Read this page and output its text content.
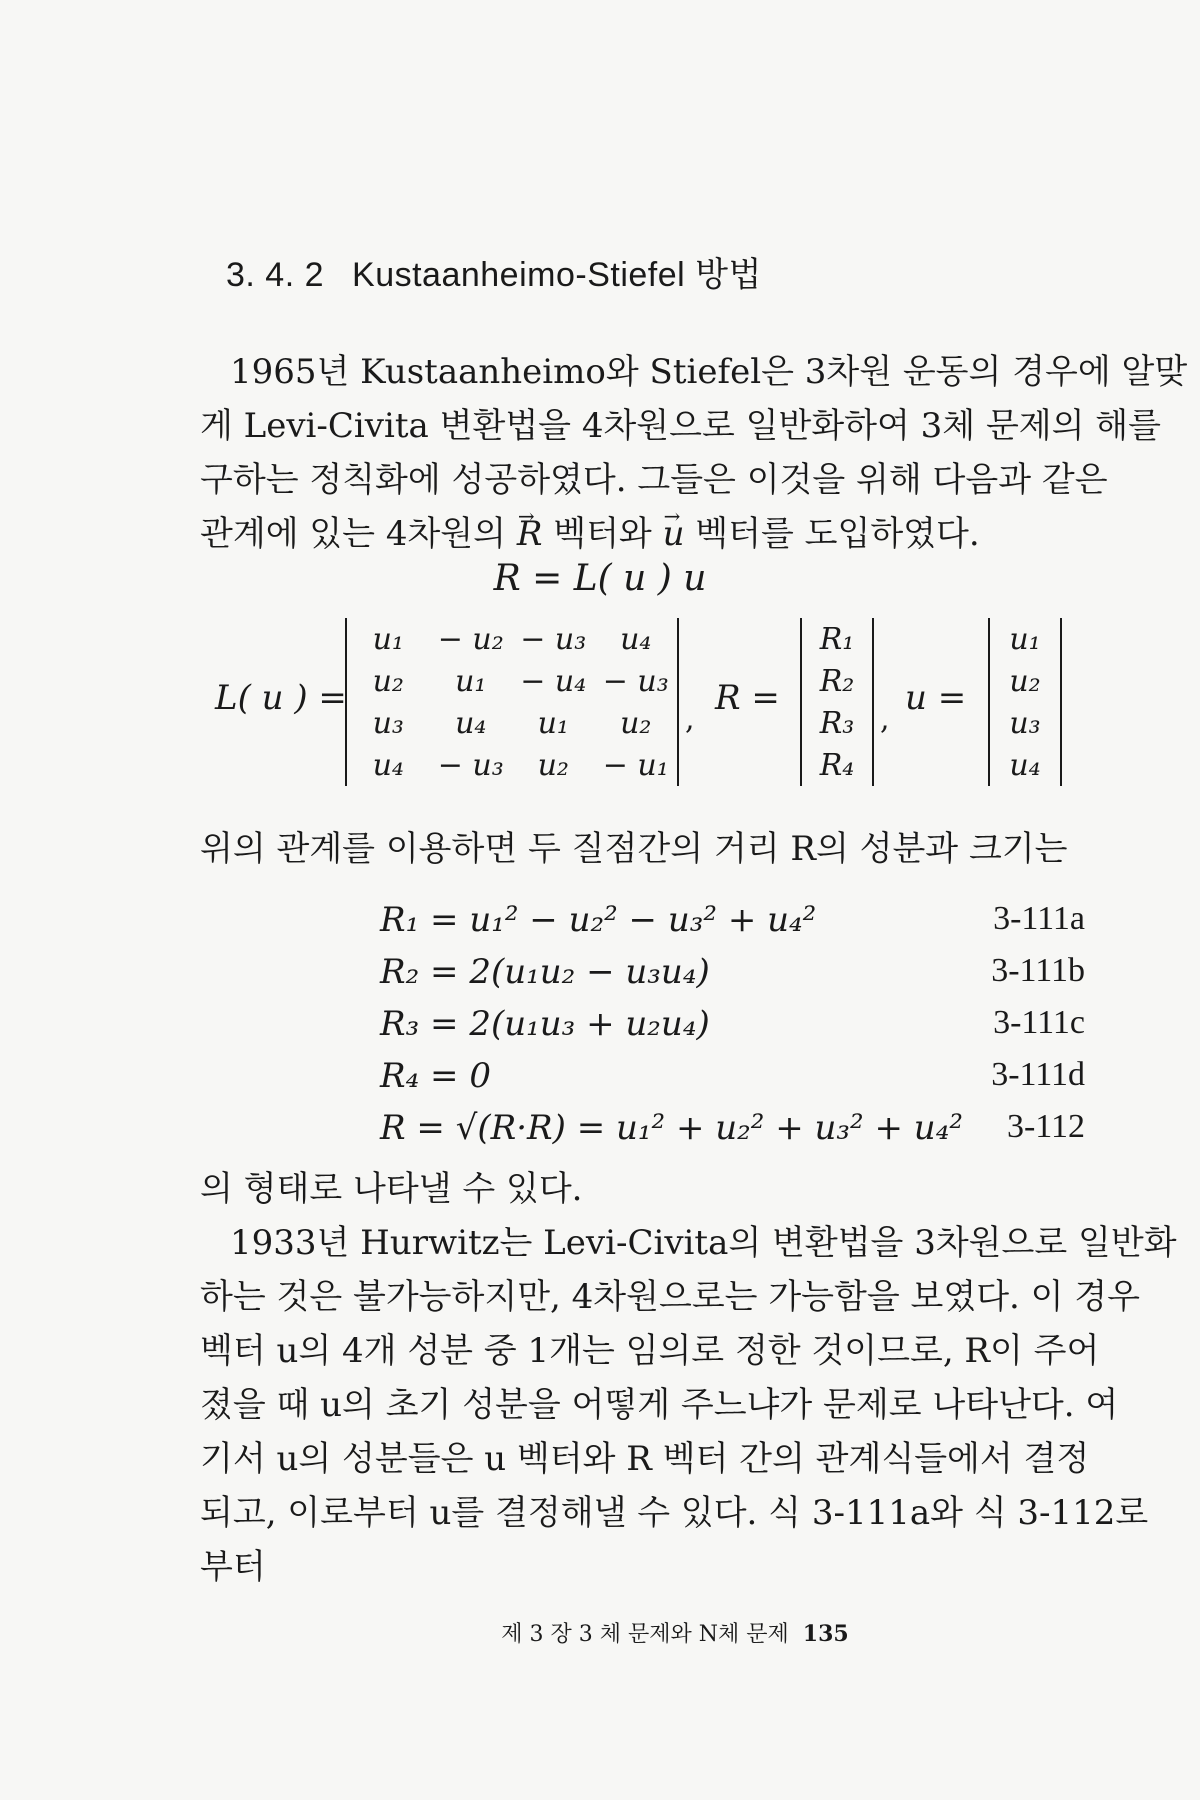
3. 4. 2 Kustaanheimo-Stiefel 방법
1965년 Kustaanheimo와 Stiefel은 3차원 운동의 경우에 알맞
게 Levi-Civita 변환법을 4차원으로 일반화하여 3체 문제의 해를
구하는 정칙화에 성공하였다. 그들은 이것을 위해 다음과 같은
관계에 있는 4차원의 → R 벡터와 → u 벡터를 도입하였다.
R = L( u ) u
L( u ) =
u₁	− u₂ − u₃	u₄
u₂	u₁	− u₄ − u₃
u₃	u₄	u₁	u₂
u₄	− u₃	u₂	− u₁
,
R =
R₁
R₂
R₃
R₄
,
u =
u₁
u₂
u₃
u₄
위의 관계를 이용하면 두 질점간의 거리 R의 성분과 크기는
R₁ = u₁² − u₂² − u₃² + u₄²	3-111a
R₂ = 2(u₁u₂ − u₃u₄)	3-111b
R₃ = 2(u₁u₃ + u₂u₄)	3-111c
R₄ = 0	3-111d
R = √(R·R) = u₁² + u₂² + u₃² + u₄² 3-112
의 형태로 나타낼 수 있다.
1933년 Hurwitz는 Levi-Civita의 변환법을 3차원으로 일반화
하는 것은 불가능하지만, 4차원으로는 가능함을 보였다. 이 경우
벡터 u의 4개 성분 중 1개는 임의로 정한 것이므로, R이 주어
졌을 때 u의 초기 성분을 어떻게 주느냐가 문제로 나타난다. 여
기서 u의 성분들은 u 벡터와 R 벡터 간의 관계식들에서 결정
되고, 이로부터 u를 결정해낼 수 있다. 식 3-111a와 식 3-112로
부터
제 3 장 3 체 문제와 N체 문제 135
